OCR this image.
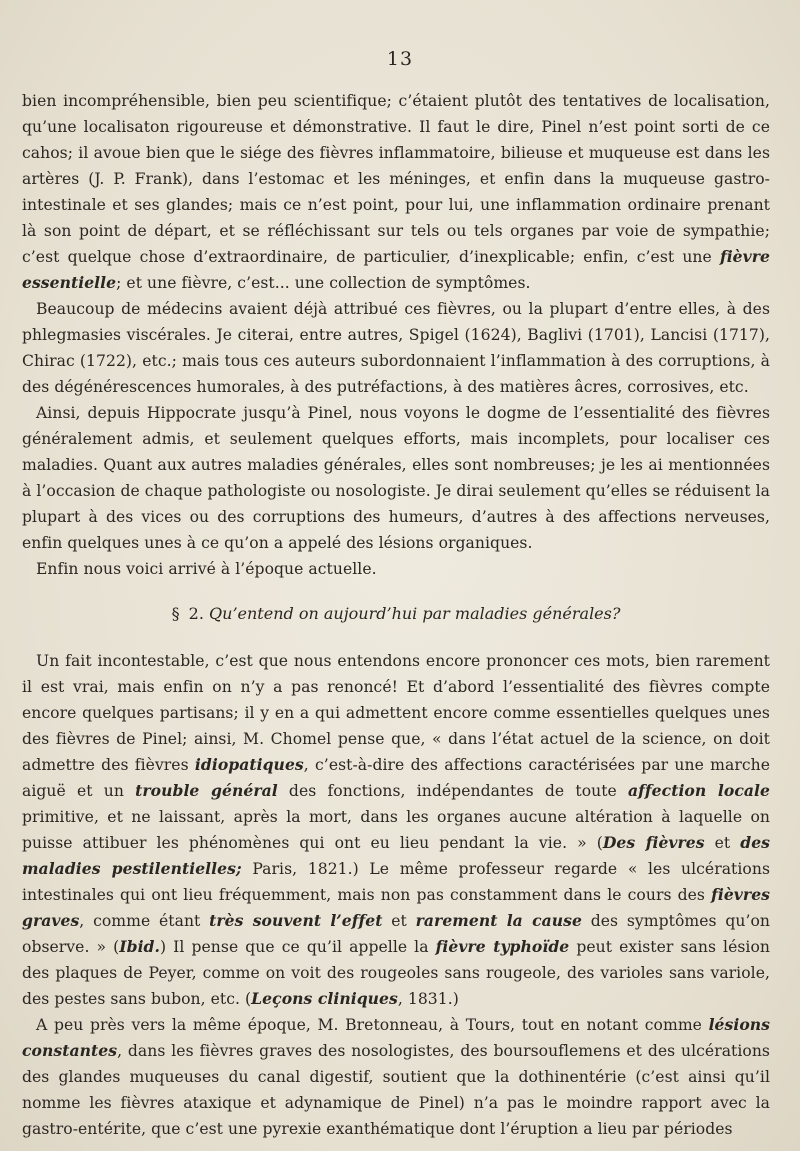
13

bien incompréhensible, bien peu scientifique; c’étaient plutôt des tentatives de localisation, qu’une localisaton rigoureuse et démonstrative. Il faut le dire, Pinel n’est point sorti de ce cahos; il avoue bien que le siége des fièvres inflammatoire, bilieuse et muqueuse est dans les artères (J. P. Frank), dans l’estomac et les méninges, et enfin dans la muqueuse gastro-intestinale et ses glandes; mais ce n’est point, pour lui, une inflammation ordinaire prenant là son point de départ, et se réfléchissant sur tels ou tels organes par voie de sympathie; c’est quelque chose d’extraordinaire, de particulier, d’inexplicable; enfin, c’est une fièvre essentielle; et une fièvre, c’est... une collection de symptômes.

Beaucoup de médecins avaient déjà attribué ces fièvres, ou la plupart d’entre elles, à des phlegmasies viscérales. Je citerai, entre autres, Spigel (1624), Baglivi (1701), Lancisi (1717), Chirac (1722), etc.; mais tous ces auteurs subordonnaient l’inflammation à des corruptions, à des dégénérescences humorales, à des putréfactions, à des matières âcres, corrosives, etc.

Ainsi, depuis Hippocrate jusqu’à Pinel, nous voyons le dogme de l’essentialité des fièvres généralement admis, et seulement quelques efforts, mais incomplets, pour localiser ces maladies. Quant aux autres maladies générales, elles sont nombreuses; je les ai mentionnées à l’occasion de chaque pathologiste ou nosologiste. Je dirai seulement qu’elles se réduisent la plupart à des vices ou des corruptions des humeurs, d’autres à des affections nerveuses, enfin quelques unes à ce qu’on a appelé des lésions organiques.

Enfin nous voici arrivé à l’époque actuelle.

§ 2. Qu’entend on aujourd’hui par maladies générales?

Un fait incontestable, c’est que nous entendons encore prononcer ces mots, bien rarement il est vrai, mais enfin on n’y a pas renoncé! Et d’abord l’essentialité des fièvres compte encore quelques partisans; il y en a qui admettent encore comme essentielles quelques unes des fièvres de Pinel; ainsi, M. Chomel pense que, « dans l’état actuel de la science, on doit admettre des fièvres idiopatiques, c’est-à-dire des affections caractérisées par une marche aiguë et un trouble général des fonctions, indépendantes de toute affection locale primitive, et ne laissant, après la mort, dans les organes aucune altération à laquelle on puisse attibuer les phénomènes qui ont eu lieu pendant la vie. » (Des fièvres et des maladies pestilentielles; Paris, 1821.) Le même professeur regarde « les ulcérations intestinales qui ont lieu fréquemment, mais non pas constamment dans le cours des fièvres graves, comme étant très souvent l’effet et rarement la cause des symptômes qu’on observe. » (Ibid.) Il pense que ce qu’il appelle la fièvre typhoïde peut exister sans lésion des plaques de Peyer, comme on voit des rougeoles sans rougeole, des varioles sans variole, des pestes sans bubon, etc. (Leçons cliniques, 1831.)

A peu près vers la même époque, M. Bretonneau, à Tours, tout en notant comme lésions constantes, dans les fièvres graves des nosologistes, des boursouflemens et des ulcérations des glandes muqueuses du canal digestif, soutient que la dothinentérie (c’est ainsi qu’il nomme les fièvres ataxique et adynamique de Pinel) n’a pas le moindre rapport avec la gastro-entérite, que c’est une pyrexie exanthématique dont l’éruption a lieu par périodes
